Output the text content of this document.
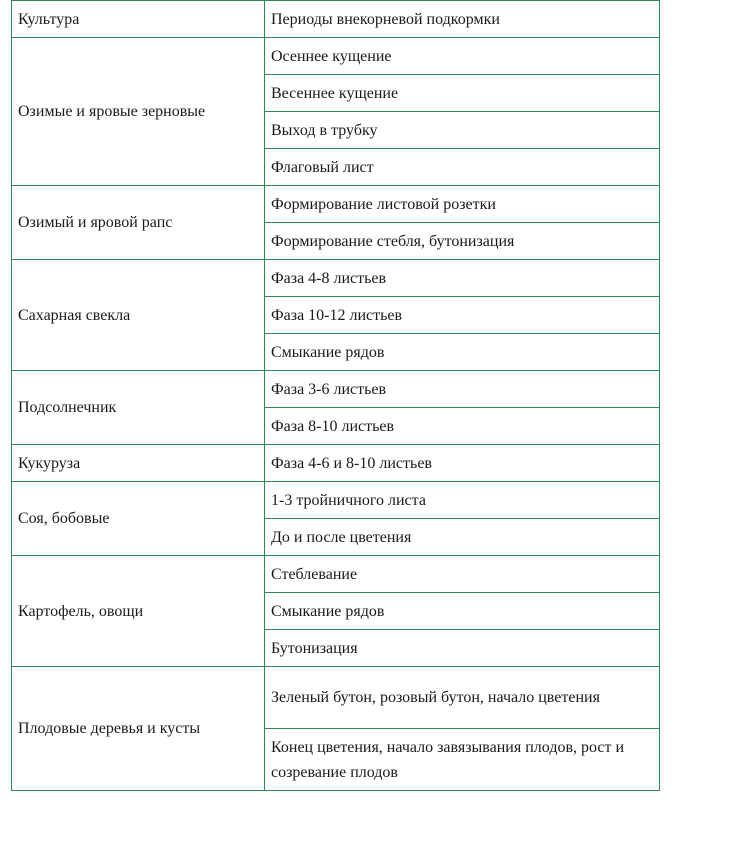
Культура	Периоды внекорневой подкормки
Озимые и яровые зерновые	Осеннее кущение
	Весеннее кущение
	Выход в трубку
	Флаговый лист
Озимый и яровой рапс	Формирование листовой розетки
	Формирование стебля, бутонизация
Сахарная свекла	Фаза 4-8 листьев
	Фаза 10-12 листьев
	Смыкание рядов
Подсолнечник	Фаза 3-6 листьев
	Фаза 8-10 листьев
Кукуруза	Фаза 4-6 и 8-10 листьев
Соя, бобовые	1-3 тройничного листа
	До и после цветения
Картофель, овощи	Стеблевание
	Смыкание рядов
	Бутонизация
Плодовые деревья и кусты	Зеленый бутон, розовый бутон, начало цветения
	Конец цветения, начало завязывания плодов, рост и созревание плодов
